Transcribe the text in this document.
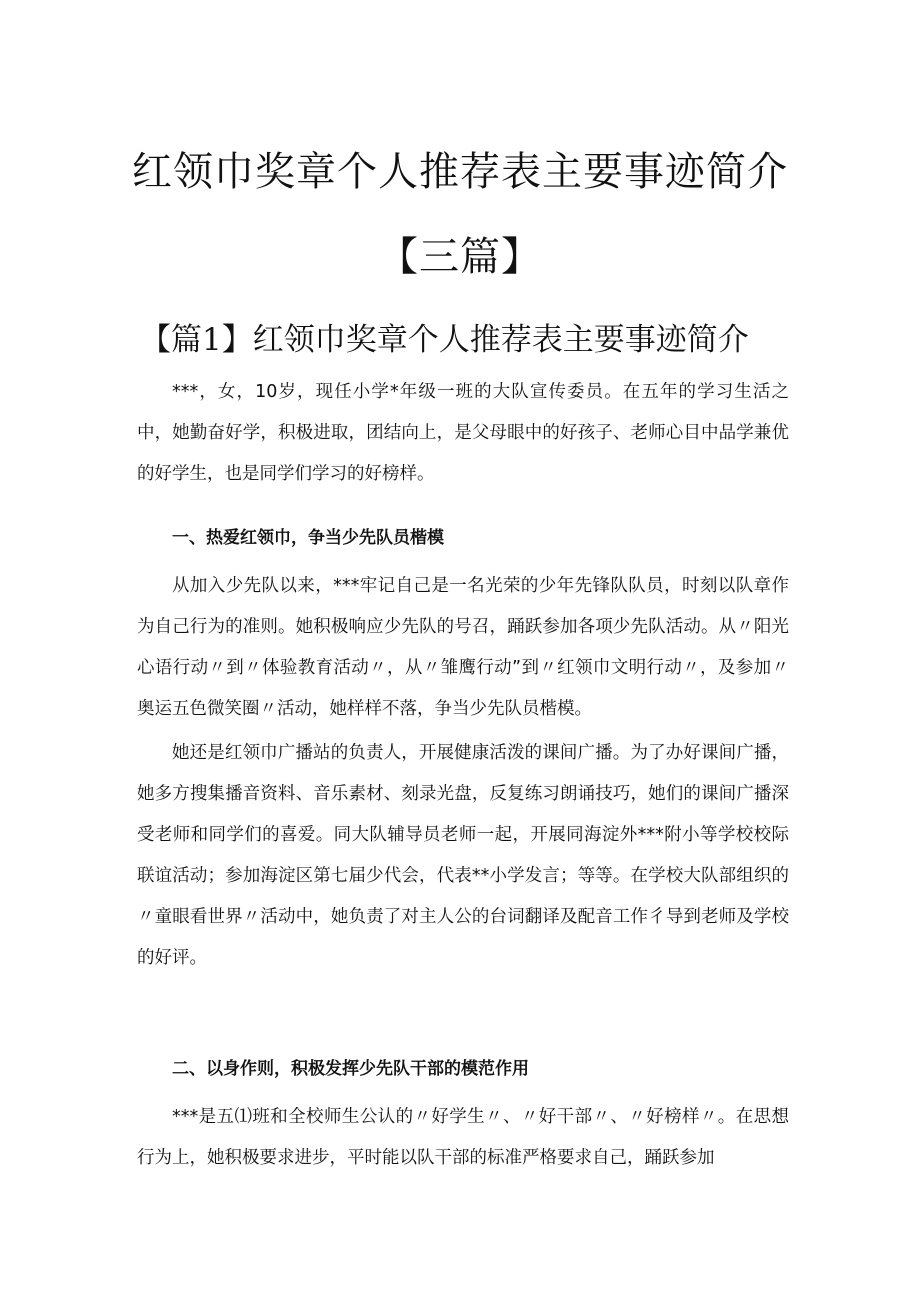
红领巾奖章个人推荐表主要事迹简介
【三篇】
【篇1】红领巾奖章个人推荐表主要事迹简介
***，女，10岁，现任小学*年级一班的大队宣传委员。在五年的学习生活之中，她勤奋好学，积极进取，团结向上，是父母眼中的好孩子、老师心目中品学兼优的好学生，也是同学们学习的好榜样。
一、热爱红领巾，争当少先队员楷模
从加入少先队以来，***牢记自己是一名光荣的少年先锋队队员，时刻以队章作为自己行为的准则。她积极响应少先队的号召，踊跃参加各项少先队活动。从〃阳光心语行动〃到〃体验教育活动〃，从〃雏鹰行动”到〃红领巾文明行动〃，及参加〃奥运五色微笑圈〃活动，她样样不落，争当少先队员楷模。
她还是红领巾广播站的负责人，开展健康活泼的课间广播。为了办好课间广播，她多方搜集播音资料、音乐素材、刻录光盘，反复练习朗诵技巧，她们的课间广播深受老师和同学们的喜爱。同大队辅导员老师一起，开展同海淀外***附小等学校校际联谊活动；参加海淀区第七届少代会，代表**小学发言；等等。在学校大队部组织的〃童眼看世界〃活动中，她负责了对主人公的台词翻译及配音工作彳导到老师及学校的好评。
二、以身作则，积极发挥少先队干部的模范作用
***是五⑴班和全校师生公认的〃好学生〃、〃好干部〃、〃好榜样〃。在思想行为上，她积极要求进步，平时能以队干部的标准严格要求自己，踊跃参加
